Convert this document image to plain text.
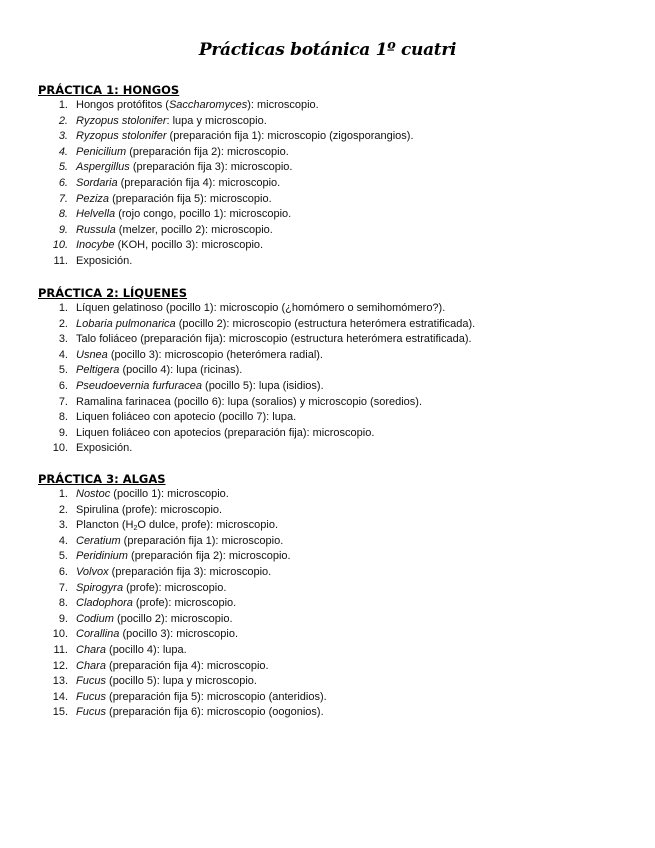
Prácticas botánica 1º cuatri
PRÁCTICA 1: HONGOS
1. Hongos protófitos (Saccharomyces): microscopio.
2. Ryzopus stolonifer: lupa y microscopio.
3. Ryzopus stolonifer (preparación fija 1): microscopio (zigosporangios).
4. Penicilium (preparación fija 2): microscopio.
5. Aspergillus (preparación fija 3): microscopio.
6. Sordaria (preparación fija 4): microscopio.
7. Peziza (preparación fija 5): microscopio.
8. Helvella (rojo congo, pocillo 1): microscopio.
9. Russula (melzer, pocillo 2): microscopio.
10. Inocybe (KOH, pocillo 3): microscopio.
11. Exposición.
PRÁCTICA 2: LÍQUENES
1. Líquen gelatinoso (pocillo 1): microscopio (¿homómero o semihomómero?).
2. Lobaria pulmonarica (pocillo 2): microscopio (estructura heterómera estratificada).
3. Talo foliáceo (preparación fija): microscopio (estructura heterómera estratificada).
4. Usnea (pocillo 3): microscopio (heterómera radial).
5. Peltigera (pocillo 4): lupa (ricinas).
6. Pseudoevernia furfuracea (pocillo 5): lupa (isidios).
7. Ramalina farinacea (pocillo 6): lupa (soralios) y microscopio (soredios).
8. Liquen foliáceo con apotecio (pocillo 7): lupa.
9. Liquen foliáceo con apotecios (preparación fija): microscopio.
10. Exposición.
PRÁCTICA 3: ALGAS
1. Nostoc (pocillo 1): microscopio.
2. Spirulina (profe): microscopio.
3. Plancton ($H_2O$ dulce, profe): microscopio.
4. Ceratium (preparación fija 1): microscopio.
5. Peridinium (preparación fija 2): microscopio.
6. Volvox (preparación fija 3): microscopio.
7. Spirogyra (profe): microscopio.
8. Cladophora (profe): microscopio.
9. Codium (pocillo 2): microscopio.
10. Corallina (pocillo 3): microscopio.
11. Chara (pocillo 4): lupa.
12. Chara (preparación fija 4): microscopio.
13. Fucus (pocillo 5): lupa y microscopio.
14. Fucus (preparación fija 5): microscopio (anteridios).
15. Fucus (preparación fija 6): microscopio (oogonios).
